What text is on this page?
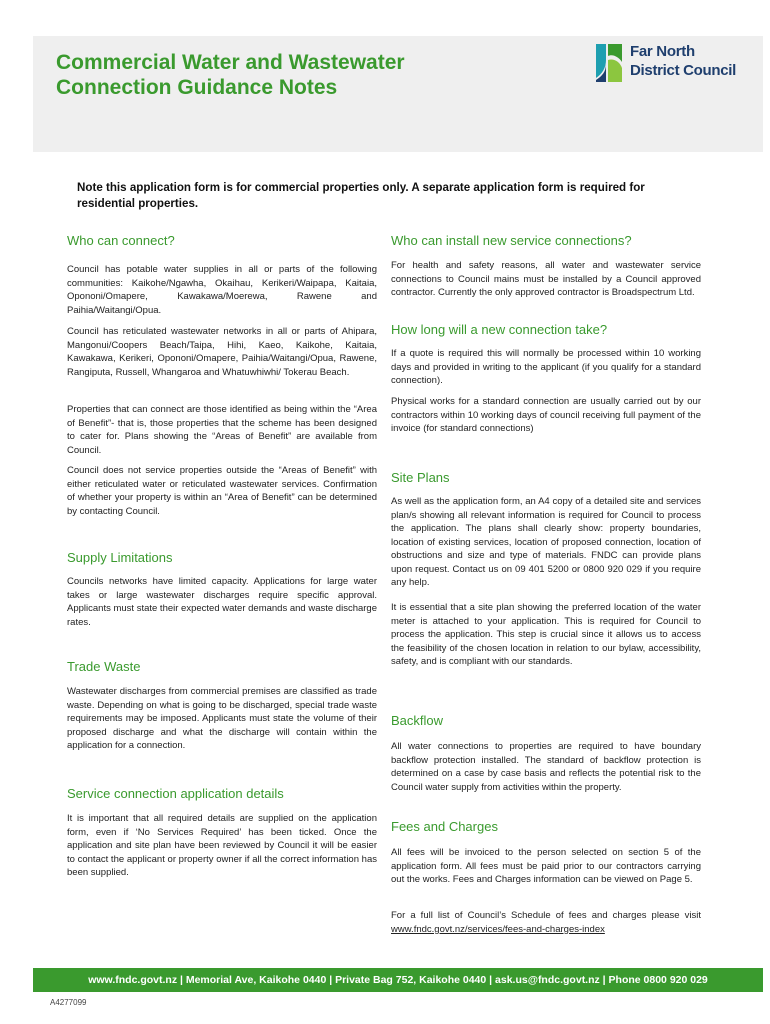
Commercial Water and Wastewater
Connection Guidance Notes
Far North
District Council

Note this application form is for commercial properties only. A separate application form is required for residential properties.

Who can connect?

Council has potable water supplies in all or parts of the following communities: Kaikohe/Ngawha, Okaihau, Kerikeri/Waipapa, Kaitaia, Opononi/Omapere, Kawakawa/Moerewa, Rawene and Paihia/Waitangi/Opua.

Council has reticulated wastewater networks in all or parts of Ahipara, Mangonui/Coopers Beach/Taipa, Hihi, Kaeo, Kaikohe, Kaitaia, Kawakawa, Kerikeri, Opononi/Omapere, Paihia/Waitangi/Opua, Rawene, Rangiputa, Russell, Whangaroa and Whatuwhiwhi/ Tokerau Beach.

Properties that can connect are those identified as being within the “Area of Benefit”- that is, those properties that the scheme has been designed to cater for. Plans showing the “Areas of Benefit” are available from Council.

Council does not service properties outside the “Areas of Benefit” with either reticulated water or reticulated wastewater services. Confirmation of whether your property is within an “Area of Benefit” can be determined by contacting Council.

Supply Limitations

Councils networks have limited capacity. Applications for large water takes or large wastewater discharges require specific approval. Applicants must state their expected water demands and waste discharge rates.

Trade Waste

Wastewater discharges from commercial premises are classified as trade waste. Depending on what is going to be discharged, special trade waste requirements may be imposed. Applicants must state the volume of their proposed discharge and what the discharge will contain within the application for a connection.

Service connection application details

It is important that all required details are supplied on the application form, even if ‘No Services Required’ has been ticked. Once the application and site plan have been reviewed by Council it will be easier to contact the applicant or property owner if all the correct information has been supplied.

Who can install new service connections?

For health and safety reasons, all water and wastewater service connections to Council mains must be installed by a Council approved contractor. Currently the only approved contractor is Broadspectrum Ltd.

How long will a new connection take?

If a quote is required this will normally be processed within 10 working days and provided in writing to the applicant (if you qualify for a standard connection).

Physical works for a standard connection are usually carried out by our contractors within 10 working days of council receiving full payment of the invoice (for standard connections)

Site Plans

As well as the application form, an A4 copy of a detailed site and services plan/s showing all relevant information is required for Council to process the application. The plans shall clearly show: property boundaries, location of existing services, location of proposed connection, location of obstructions and size and type of materials. FNDC can provide plans upon request. Contact us on 09 401 5200 or 0800 920 029 if you require any help.

It is essential that a site plan showing the preferred location of the water meter is attached to your application. This is required for Council to process the application. This step is crucial since it allows us to access the feasibility of the chosen location in relation to our bylaw, accessibility, safety, and is compliant with our standards.

Backflow

All water connections to properties are required to have boundary backflow protection installed. The standard of backflow protection is determined on a case by case basis and reflects the potential risk to the Council water supply from activities within the property.

Fees and Charges

All fees will be invoiced to the person selected on section 5 of the application form. All fees must be paid prior to our contractors carrying out the works. Fees and Charges information can be viewed on Page 5.

For a full list of Council’s Schedule of fees and charges please visit www.fndc.govt.nz/services/fees-and-charges-index

www.fndc.govt.nz | Memorial Ave, Kaikohe 0440 | Private Bag 752, Kaikohe 0440 | ask.us@fndc.govt.nz | Phone 0800 920 029
A4277099
